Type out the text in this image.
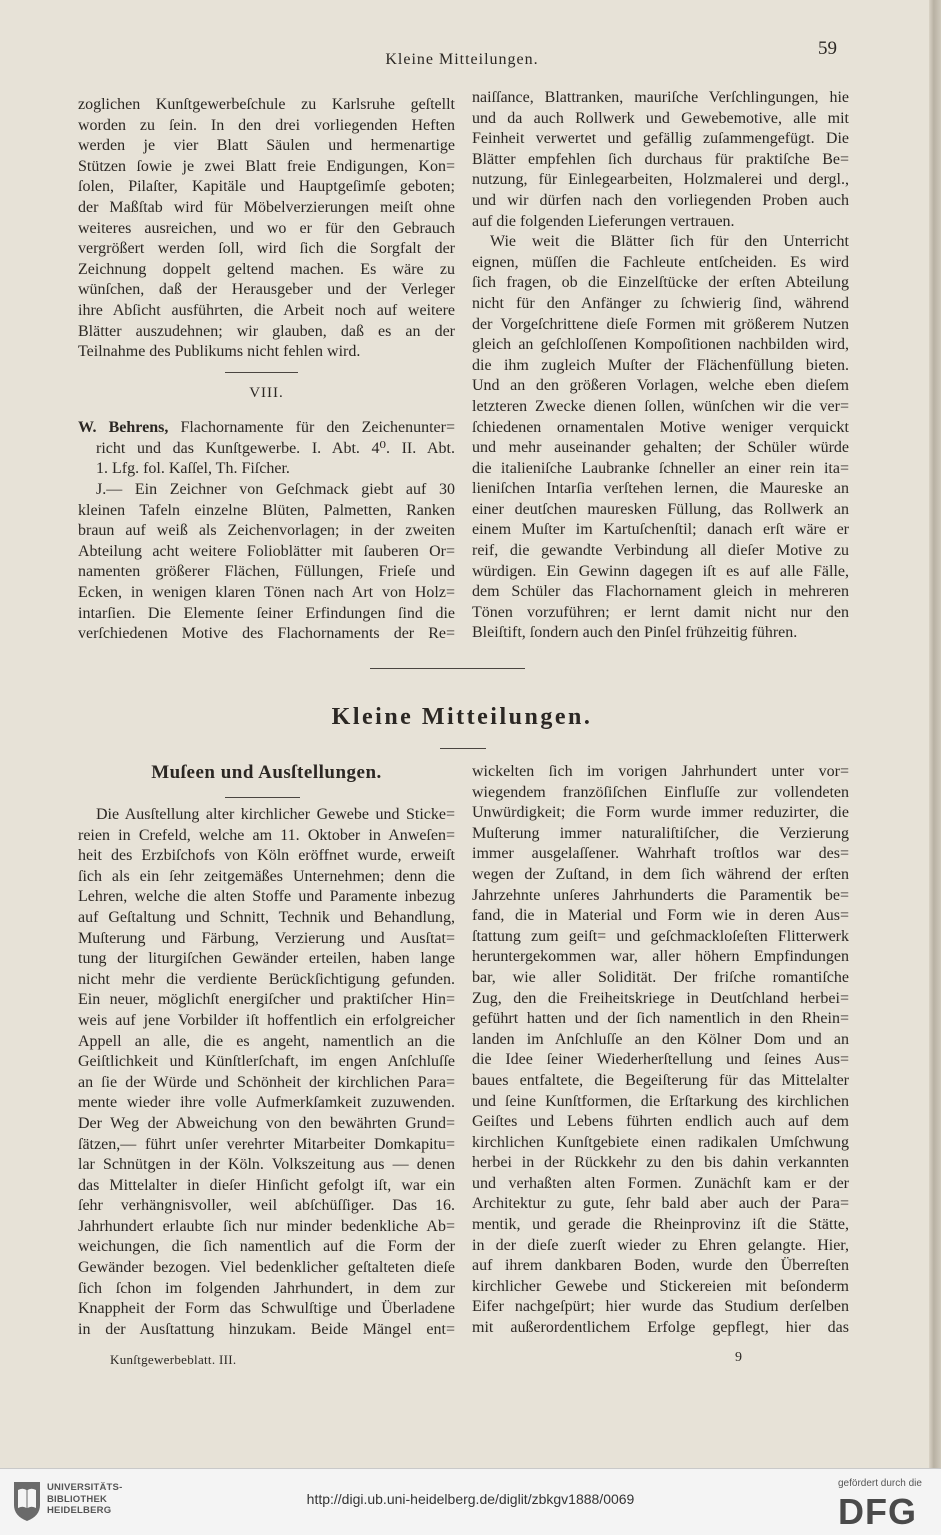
Kleine Mitteilungen.
59
zoglichen Kunſtgewerbeſchule zu Karlsruhe geſtellt
worden zu ſein. In den drei vorliegenden Heften
werden je vier Blatt Säulen und hermenartige
Stützen ſowie je zwei Blatt freie Endigungen, Kon=
ſolen, Pilaſter, Kapitäle und Hauptgeſimſe geboten;
der Maßſtab wird für Möbelverzierungen meiſt ohne
weiteres ausreichen, und wo er für den Gebrauch
vergrößert werden ſoll, wird ſich die Sorgfalt der
Zeichnung doppelt geltend machen. Es wäre zu
wünſchen, daß der Herausgeber und der Verleger
ihre Abſicht ausführten, die Arbeit noch auf weitere
Blätter auszudehnen; wir glauben, daß es an der
Teilnahme des Publikums nicht fehlen wird.
VIII.
W. Behrens, Flachornamente für den Zeichenunter=
richt und das Kunſtgewerbe. I. Abt. 4⁰. II. Abt.
1. Lfg. fol. Kaſſel, Th. Fiſcher.
J.— Ein Zeichner von Geſchmack giebt auf 30
kleinen Tafeln einzelne Blüten, Palmetten, Ranken
braun auf weiß als Zeichenvorlagen; in der zweiten
Abteilung acht weitere Folioblätter mit ſauberen Or=
namenten größerer Flächen, Füllungen, Frieſe und
Ecken, in wenigen klaren Tönen nach Art von Holz=
intarſien. Die Elemente ſeiner Erfindungen ſind die
verſchiedenen Motive des Flachornaments der Re=
naiſſance, Blattranken, mauriſche Verſchlingungen, hie
und da auch Rollwerk und Gewebemotive, alle mit
Feinheit verwertet und gefällig zuſammengefügt. Die
Blätter empfehlen ſich durchaus für praktiſche Be=
nutzung, für Einlegearbeiten, Holzmalerei und dergl.,
und wir dürfen nach den vorliegenden Proben auch
auf die folgenden Lieferungen vertrauen.
Wie weit die Blätter ſich für den Unterricht
eignen, müſſen die Fachleute entſcheiden. Es wird
ſich fragen, ob die Einzelſtücke der erſten Abteilung
nicht für den Anfänger zu ſchwierig ſind, während
der Vorgeſchrittene dieſe Formen mit größerem Nutzen
gleich an geſchloſſenen Kompoſitionen nachbilden wird,
die ihm zugleich Muſter der Flächenfüllung bieten.
Und an den größeren Vorlagen, welche eben dieſem
letzteren Zwecke dienen ſollen, wünſchen wir die ver=
ſchiedenen ornamentalen Motive weniger verquickt
und mehr auseinander gehalten; der Schüler würde
die italieniſche Laubranke ſchneller an einer rein ita=
lieniſchen Intarſia verſtehen lernen, die Maureske an
einer deutſchen mauresken Füllung, das Rollwerk an
einem Muſter im Kartuſchenſtil; danach erſt wäre er
reif, die gewandte Verbindung all dieſer Motive zu
würdigen. Ein Gewinn dagegen iſt es auf alle Fälle,
dem Schüler das Flachornament gleich in mehreren
Tönen vorzuführen; er lernt damit nicht nur den
Bleiſtift, ſondern auch den Pinſel frühzeitig führen.
Kleine Mitteilungen.
Muſeen und Ausſtellungen.
Die Ausſtellung alter kirchlicher Gewebe und Sticke=
reien in Crefeld, welche am 11. Oktober in Anweſen=
heit des Erzbiſchofs von Köln eröffnet wurde, erweiſt
ſich als ein ſehr zeitgemäßes Unternehmen; denn die
Lehren, welche die alten Stoffe und Paramente inbezug
auf Geſtaltung und Schnitt, Technik und Behandlung,
Muſterung und Färbung, Verzierung und Ausſtat=
tung der liturgiſchen Gewänder erteilen, haben lange
nicht mehr die verdiente Berückſichtigung gefunden.
Ein neuer, möglichſt energiſcher und praktiſcher Hin=
weis auf jene Vorbilder iſt hoffentlich ein erfolgreicher
Appell an alle, die es angeht, namentlich an die
Geiſtlichkeit und Künſtlerſchaft, im engen Anſchluſſe
an ſie der Würde und Schönheit der kirchlichen Para=
mente wieder ihre volle Aufmerkſamkeit zuzuwenden.
Der Weg der Abweichung von den bewährten Grund=
ſätzen,— führt unſer verehrter Mitarbeiter Domkapitu=
lar Schnütgen in der Köln. Volkszeitung aus — denen
das Mittelalter in dieſer Hinſicht gefolgt iſt, war ein
ſehr verhängnisvoller, weil abſchüſſiger. Das 16.
Jahrhundert erlaubte ſich nur minder bedenkliche Ab=
weichungen, die ſich namentlich auf die Form der
Gewänder bezogen. Viel bedenklicher geſtalteten dieſe
ſich ſchon im folgenden Jahrhundert, in dem zur
Knappheit der Form das Schwulſtige und Überladene
in der Ausſtattung hinzukam. Beide Mängel ent=
wickelten ſich im vorigen Jahrhundert unter vor=
wiegendem franzöſiſchen Einfluſſe zur vollendeten
Unwürdigkeit; die Form wurde immer reduzirter, die
Muſterung immer naturaliſtiſcher, die Verzierung
immer ausgelaſſener. Wahrhaft troſtlos war des=
wegen der Zuſtand, in dem ſich während der erſten
Jahrzehnte unſeres Jahrhunderts die Paramentik be=
fand, die in Material und Form wie in deren Aus=
ſtattung zum geiſt= und geſchmackloſeſten Flitterwerk
heruntergekommen war, aller höhern Empfindungen
bar, wie aller Solidität. Der friſche romantiſche
Zug, den die Freiheitskriege in Deutſchland herbei=
geführt hatten und der ſich namentlich in den Rhein=
landen im Anſchluſſe an den Kölner Dom und an
die Idee ſeiner Wiederherſtellung und ſeines Aus=
baues entfaltete, die Begeiſterung für das Mittelalter
und ſeine Kunſtformen, die Erſtarkung des kirchlichen
Geiſtes und Lebens führten endlich auch auf dem
kirchlichen Kunſtgebiete einen radikalen Umſchwung
herbei in der Rückkehr zu den bis dahin verkannten
und verhaßten alten Formen. Zunächſt kam er der
Architektur zu gute, ſehr bald aber auch der Para=
mentik, und gerade die Rheinprovinz iſt die Stätte,
in der dieſe zuerſt wieder zu Ehren gelangte. Hier,
auf ihrem dankbaren Boden, wurde den Überreſten
kirchlicher Gewebe und Stickereien mit beſonderm
Eifer nachgeſpürt; hier wurde das Studium derſelben
mit außerordentlichem Erfolge gepflegt, hier das
Kunſtgewerbeblatt. III.	9
UNIVERSITÄTS-
BIBLIOTHEK
HEIDELBERG
http://digi.ub.uni-heidelberg.de/diglit/zbkgv1888/0069
gefördert durch die
DFG
